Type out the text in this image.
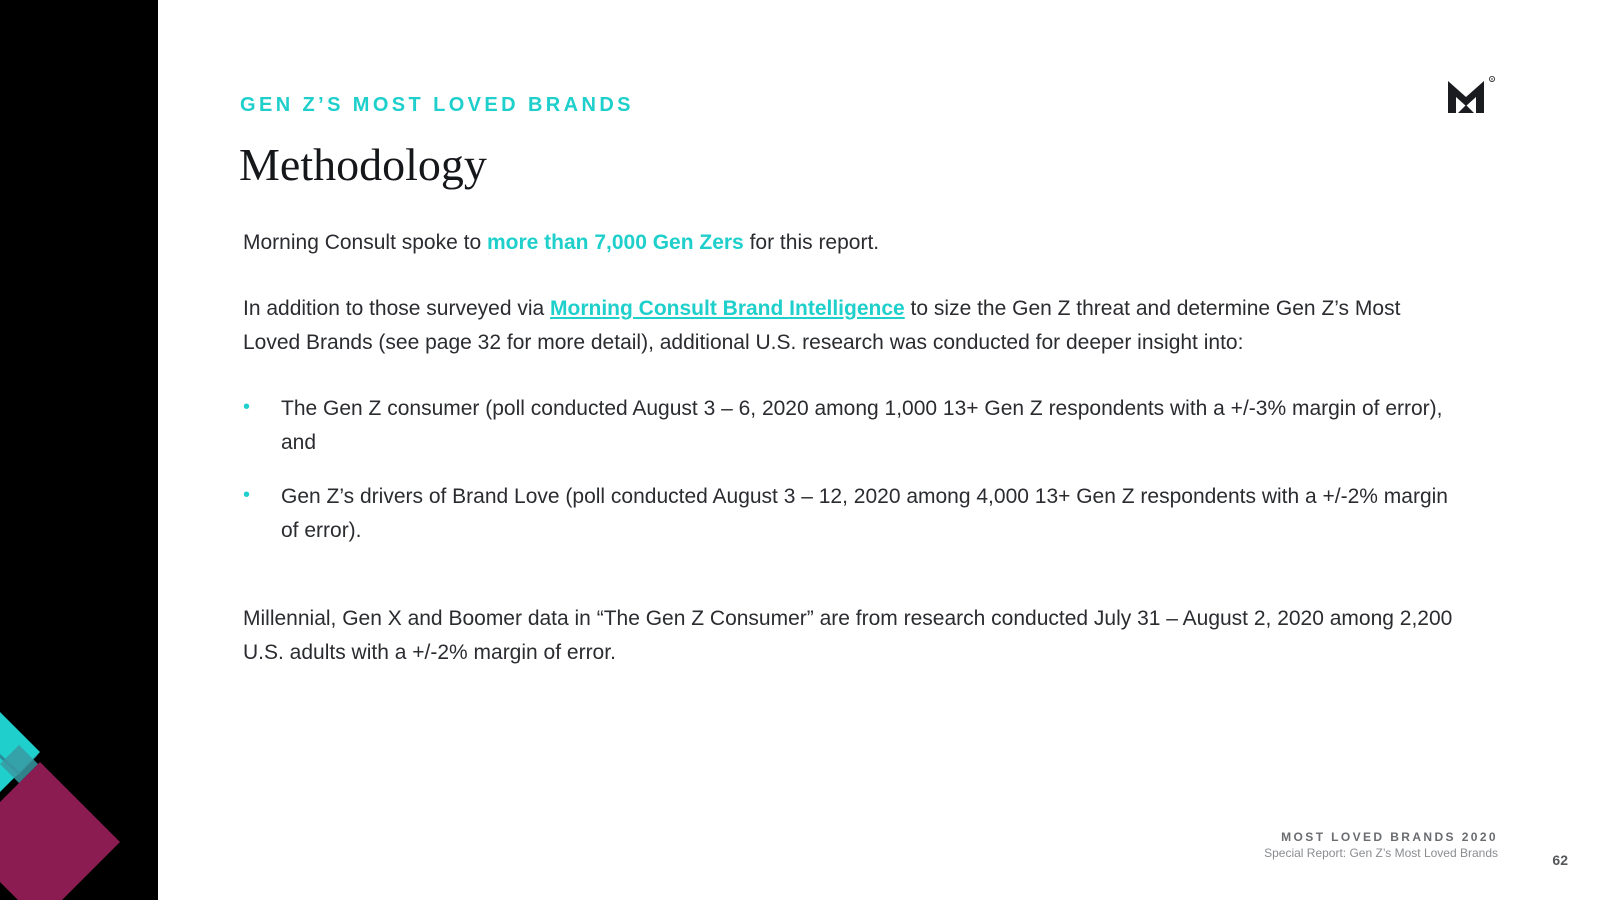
GEN Z’S MOST LOVED BRANDS
Methodology
R

Morning Consult spoke to more than 7,000 Gen Zers for this report.

In addition to those surveyed via Morning Consult Brand Intelligence to size the Gen Z threat and determine Gen Z’s Most Loved Brands (see page 32 for more detail), additional U.S. research was conducted for deeper insight into:

• The Gen Z consumer (poll conducted August 3 – 6, 2020 among 1,000 13+ Gen Z respondents with a +/-3% margin of error), and
• Gen Z’s drivers of Brand Love (poll conducted August 3 – 12, 2020 among 4,000 13+ Gen Z respondents with a +/-2% margin of error).

Millennial, Gen X and Boomer data in “The Gen Z Consumer” are from research conducted July 31 – August 2, 2020 among 2,200 U.S. adults with a +/-2% margin of error.

MOST LOVED BRANDS 2020
Special Report: Gen Z’s Most Loved Brands	62
